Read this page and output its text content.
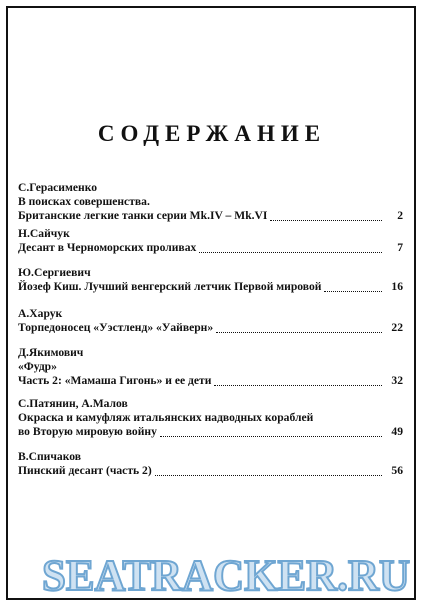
СОДЕРЖАНИЕ
С.Герасименко
В поисках совершенства.
Британские легкие танки серии Mk.IV – Mk.VI	2
Н.Сайчук
Десант в Черноморских проливах	7
Ю.Сергиевич
Йозеф Киш. Лучший венгерский летчик Первой мировой	16
А.Харук
Торпедоносец «Уэстленд» «Уайверн»	22
Д.Якимович
«Фудр»
Часть 2: «Мамаша Гигонь» и ее дети	32
С.Патянин, А.Малов
Окраска и камуфляж итальянских надводных кораблей
во Вторую мировую войну	49
В.Спичаков
Пинский десант (часть 2)	56
SEATRACKER.RU
